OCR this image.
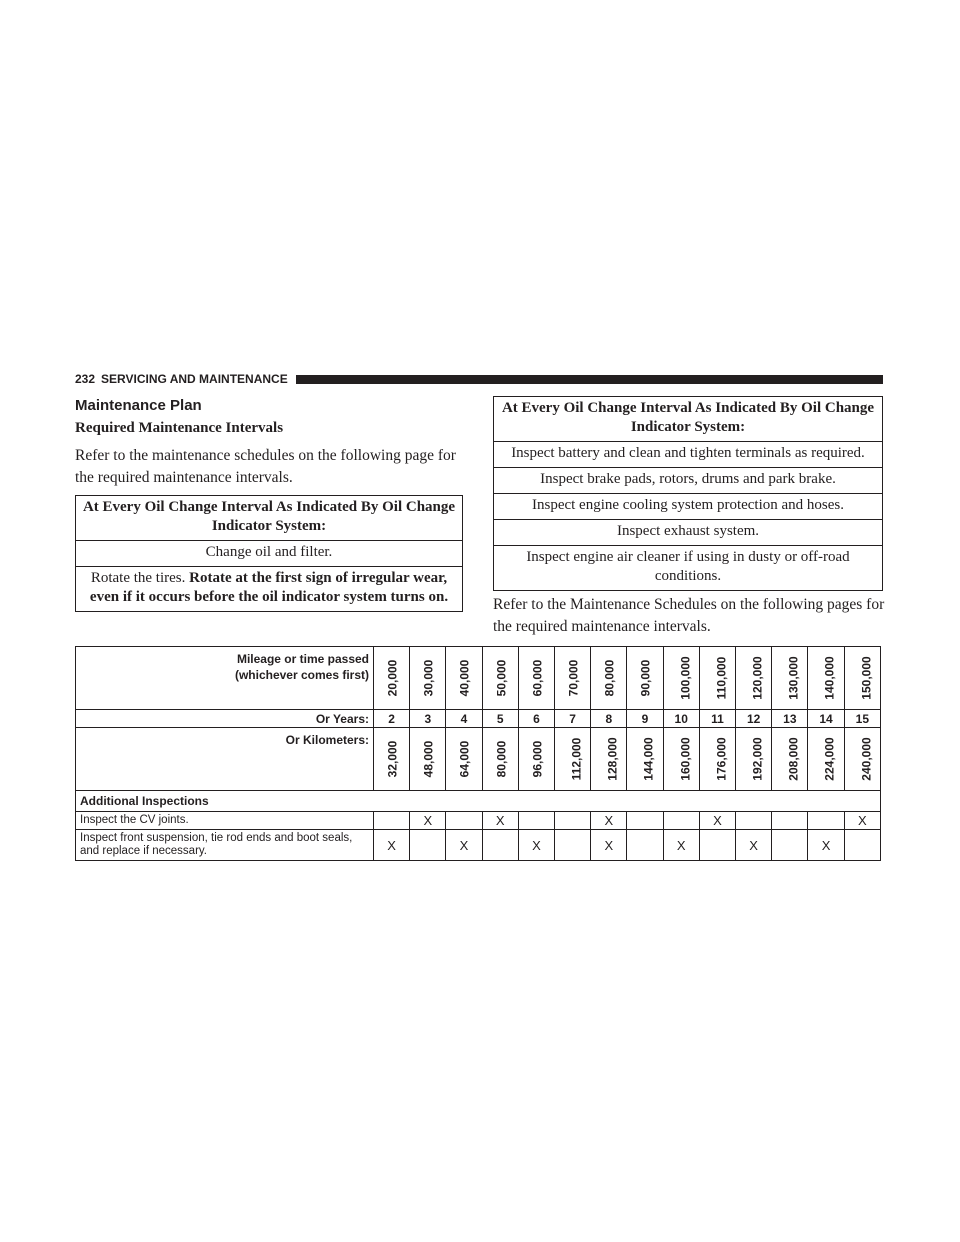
232 SERVICING AND MAINTENANCE
Maintenance Plan
Required Maintenance Intervals
Refer to the maintenance schedules on the following page for the required maintenance intervals.
At Every Oil Change Interval As Indicated By Oil Change Indicator System:
Change oil and filter.
Rotate the tires. Rotate at the first sign of irregular wear, even if it occurs before the oil indicator system turns on.
At Every Oil Change Interval As Indicated By Oil Change Indicator System:
Inspect battery and clean and tighten terminals as required.
Inspect brake pads, rotors, drums and park brake.
Inspect engine cooling system protection and hoses.
Inspect exhaust system.
Inspect engine air cleaner if using in dusty or off-road conditions.
Refer to the Maintenance Schedules on the following pages for the required maintenance intervals.
Mileage or time passed
(whichever comes first)	20,000	30,000	40,000	50,000	60,000	70,000	80,000	90,000	100,000	110,000	120,000	130,000	140,000	150,000
Or Years:	2	3	4	5	6	7	8	9	10	11	12	13	14	15
Or Kilometers:	32,000	48,000	64,000	80,000	96,000	112,000	128,000	144,000	160,000	176,000	192,000	208,000	224,000	240,000
Additional Inspections														
Inspect the CV joints.		X		X			X			X				X
Inspect front suspension, tie rod ends and boot seals, and replace if necessary.	X		X		X		X		X		X		X	
